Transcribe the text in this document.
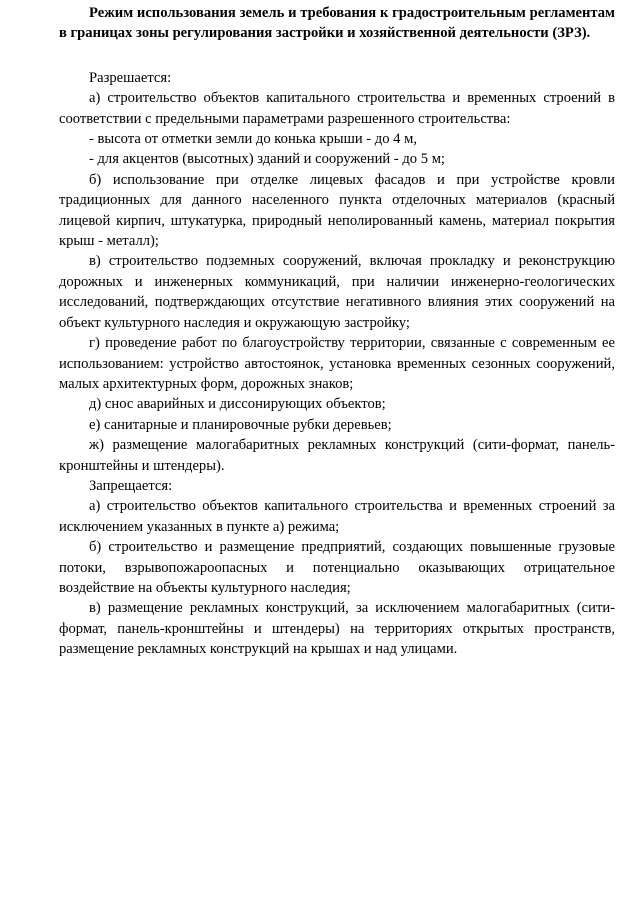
Режим использования земель и требования к градостроительным регламентам в границах зоны регулирования застройки и хозяйственной деятельности (ЗРЗ).

Разрешается:

а) строительство объектов капитального строительства и временных строений в соответствии с предельными параметрами разрешенного строительства:

- высота от отметки земли до конька крыши - до 4 м,

- для акцентов (высотных) зданий и сооружений - до 5 м;

б) использование при отделке лицевых фасадов и при устройстве кровли традиционных для данного населенного пункта отделочных материалов (красный лицевой кирпич, штукатурка, природный неполированный камень, материал покрытия крыш - металл);

в) строительство подземных сооружений, включая прокладку и реконструкцию дорожных и инженерных коммуникаций, при наличии инженерно-геологических исследований, подтверждающих отсутствие негативного влияния этих сооружений на объект культурного наследия и окружающую застройку;

г) проведение работ по благоустройству территории, связанные с современным ее использованием: устройство автостоянок, установка временных сезонных сооружений, малых архитектурных форм, дорожных знаков;

д) снос аварийных и диссонирующих объектов;

е) санитарные и планировочные рубки деревьев;

ж) размещение малогабаритных рекламных конструкций (сити-формат, панель-кронштейны и штендеры).

Запрещается:

а) строительство объектов капитального строительства и временных строений за исключением указанных в пункте а) режима;

б) строительство и размещение предприятий, создающих повышенные грузовые потоки, взрывопожароопасных и потенциально оказывающих отрицательное воздействие на объекты культурного наследия;

в) размещение рекламных конструкций, за исключением малогабаритных (сити-формат, панель-кронштейны и штендеры) на территориях открытых пространств, размещение рекламных конструкций на крышах и над улицами.
